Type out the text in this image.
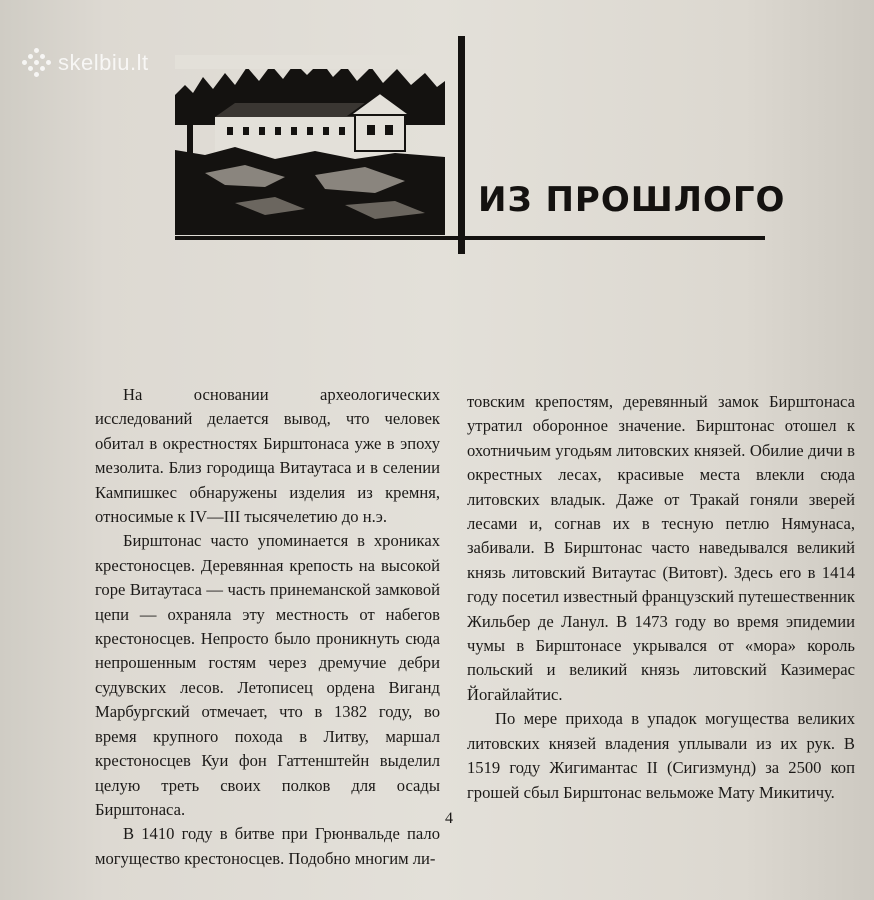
skelbiu.lt
ИЗ ПРОШЛОГО

На основании археологических исследований делается вывод, что человек обитал в окрестностях Бирштонаса уже в эпоху мезолита. Близ городища Витаутаса и в селении Кампишкес обнаружены изделия из кремня, относимые к IV—III тысячелетию до н.э.

Бирштонас часто упоминается в хрониках крестоносцев. Деревянная крепость на высокой горе Витаутаса — часть принеманской замковой цепи — охраняла эту местность от набегов крестоносцев. Непросто было проникнуть сюда непрошенным гостям через дремучие дебри судувских лесов. Летописец ордена Виганд Марбургский отмечает, что в 1382 году, во время крупного похода в Литву, маршал крестоносцев Куи фон Гаттенштейн выделил целую треть своих полков для осады Бирштонаса.

В 1410 году в битве при Грюнвальде пало могущество крестоносцев. Подобно многим ли-

товским крепостям, деревянный замок Бирштонаса утратил оборонное значение. Бирштонас отошел к охотничьим угодьям литовских князей. Обилие дичи в окрестных лесах, красивые места влекли сюда литовских владык. Даже от Тракай гоняли зверей лесами и, согнав их в тесную петлю Нямунаса, забивали. В Бирштонас часто наведывался великий князь литовский Витаутас (Витовт). Здесь его в 1414 году посетил известный французский путешественник Жильбер де Ланул. В 1473 году во время эпидемии чумы в Бирштонасе укрывался от «мора» король польский и великий князь литовский Казимерас Йогайлайтис.

По мере прихода в упадок могущества великих литовских князей владения уплывали из их рук. В 1519 году Жигимантас II (Сигизмунд) за 2500 коп грошей сбыл Бирштонас вельможе Мату Микитичу.

4
